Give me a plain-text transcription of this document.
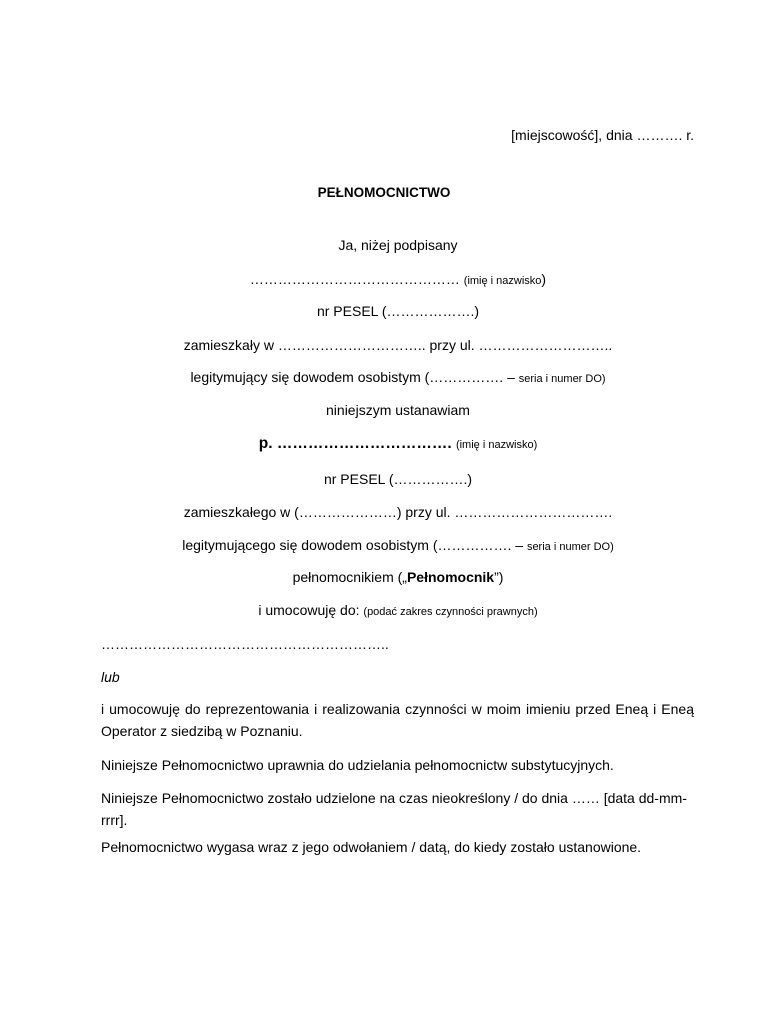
[miejscowość], dnia ………. r.
PEŁNOMOCNICTWO
Ja, niżej podpisany
……………………………………… (imię i nazwisko)
nr PESEL (……………….)
zamieszkały w ………………………….. przy ul. ………………………..
legitymujący się dowodem osobistym (……………. – seria i numer DO)
niniejszym ustanawiam
p. ……………………………. (imię i nazwisko)
nr PESEL (…………….)
zamieszkałego w (…………………) przy ul. …………………………….
legitymującego się dowodem osobistym (……………. – seria i numer DO)
pełnomocnikiem („Pełnomocnik”)
i umocowuję do: (podać zakres czynności prawnych)
……………………………………………………..
lub
i umocowuję do reprezentowania i realizowania czynności w moim imieniu przed Eneą i Eneą Operator z siedzibą w Poznaniu.
Niniejsze Pełnomocnictwo uprawnia do udzielania pełnomocnictw substytucyjnych.
Niniejsze Pełnomocnictwo zostało udzielone na czas nieokreślony / do dnia …… [data dd-mm-rrrr].
Pełnomocnictwo wygasa wraz z jego odwołaniem / datą, do kiedy zostało ustanowione.
